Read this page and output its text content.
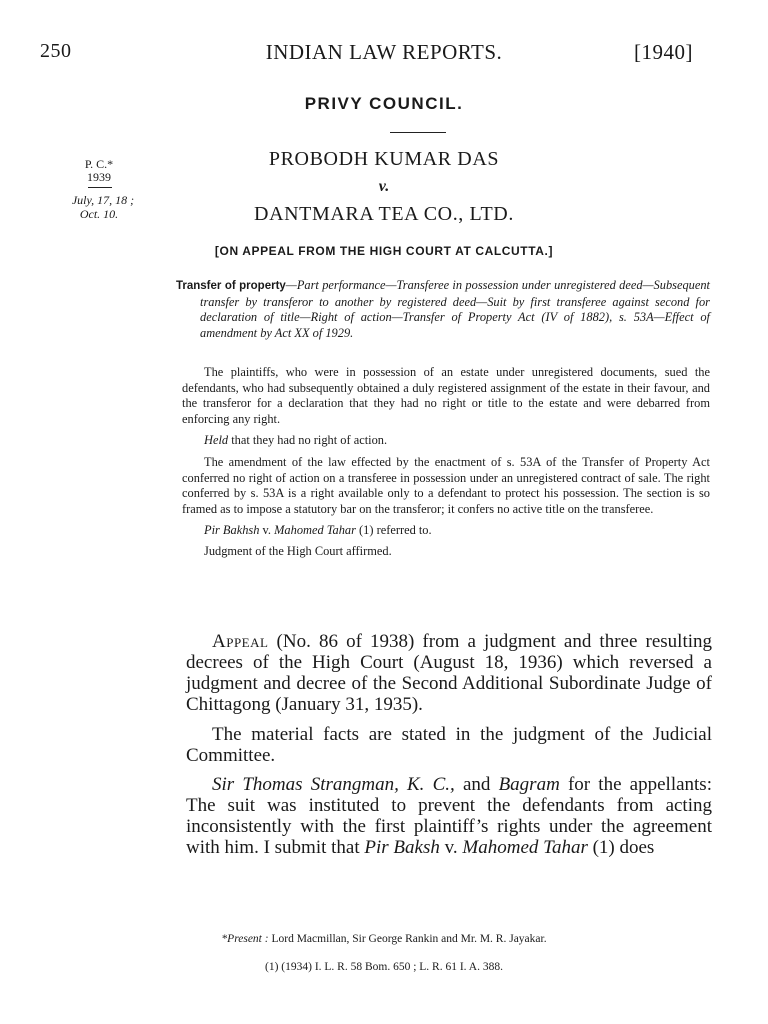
250	INDIAN LAW REPORTS.	[1940]
PRIVY COUNCIL.
P. C.*
1939
July, 17, 18 ;
Oct. 10.
PROBODH KUMAR DAS
v.
DANTMARA TEA CO., LTD.
[ON APPEAL FROM THE HIGH COURT AT CALCUTTA.]

Transfer of property—Part performance—Transferee in possession under unregistered deed—Subsequent transfer by transferor to another by registered deed—Suit by first transferee against second for declaration of title—Right of action—Transfer of Property Act (IV of 1882), s. 53A—Effect of amendment by Act XX of 1929.

The plaintiffs, who were in possession of an estate under unregistered documents, sued the defendants, who had subsequently obtained a duly registered assignment of the estate in their favour, and the transferor for a declaration that they had no right or title to the estate and were debarred from enforcing any right.

Held that they had no right of action.

The amendment of the law effected by the enactment of s. 53A of the Transfer of Property Act conferred no right of action on a transferee in possession under an unregistered contract of sale. The right conferred by s. 53A is a right available only to a defendant to protect his possession. The section is so framed as to impose a statutory bar on the transferor; it confers no active title on the transferee.

Pir Bakhsh v. Mahomed Tahar (1) referred to.

Judgment of the High Court affirmed.

Appeal (No. 86 of 1938) from a judgment and three resulting decrees of the High Court (August 18, 1936) which reversed a judgment and decree of the Second Additional Subordinate Judge of Chittagong (January 31, 1935).

The material facts are stated in the judgment of the Judicial Committee.

Sir Thomas Strangman, K. C., and Bagram for the appellants: The suit was instituted to prevent the defendants from acting inconsistently with the first plaintiff’s rights under the agreement with him. I submit that Pir Baksh v. Mahomed Tahar (1) does

*Present : Lord Macmillan, Sir George Rankin and Mr. M. R. Jayakar.
(1) (1934) I. L. R. 58 Bom. 650 ; L. R. 61 I. A. 388.
